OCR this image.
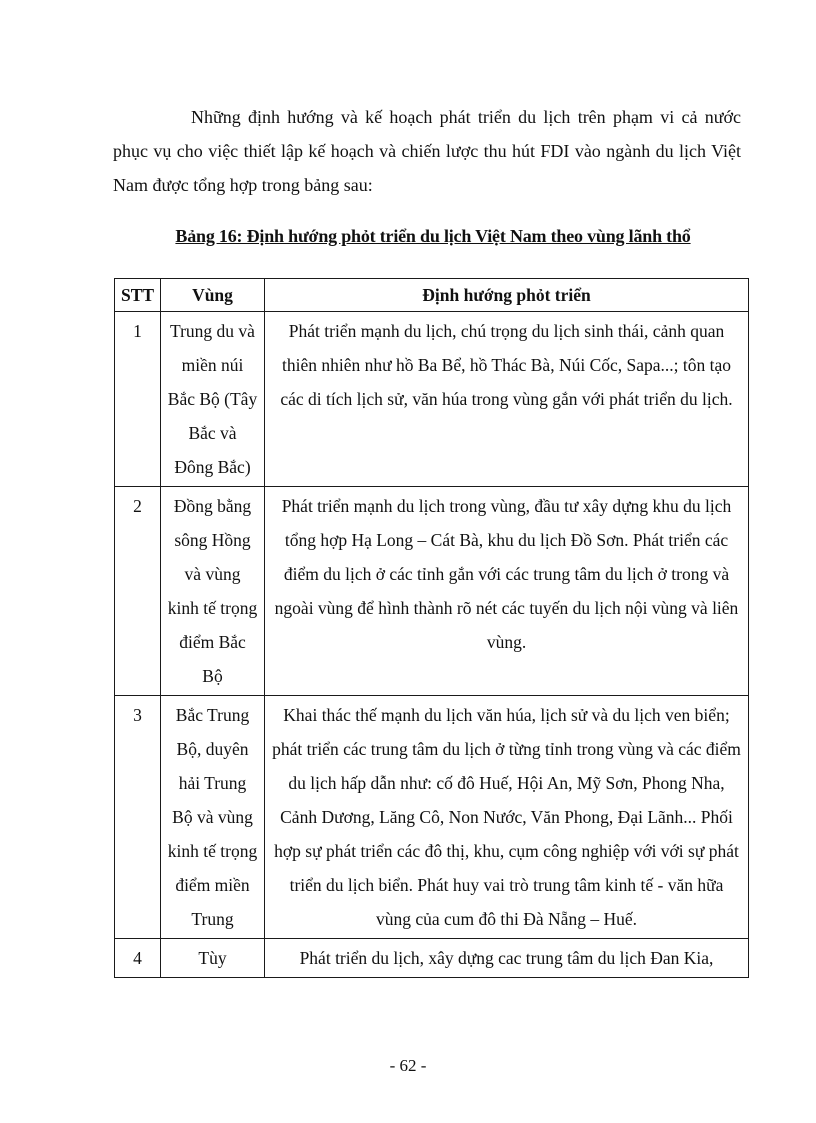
Những định hướng và kế hoạch phát triển du lịch trên phạm vi cả nước phục vụ cho việc thiết lập kế hoạch và chiến lược thu hút FDI vào ngành du lịch Việt Nam được tổng hợp trong bảng sau:

Bảng 16: Định hướng phỏt triển du lịch Việt Nam theo vùng lãnh thổ

STT	Vùng	Định hướng phỏt triển
1	Trung du và miền núi Bắc Bộ (Tây Bắc và Đông Bắc)	Phát triển mạnh du lịch, chú trọng du lịch sinh thái, cảnh quan thiên nhiên như hồ Ba Bể, hồ Thác Bà, Núi Cốc, Sapa...; tôn tạo các di tích lịch sử, văn húa trong vùng gắn với phát triển du lịch.
2	Đồng bằng sông Hồng và vùng kinh tế trọng điểm Bắc Bộ	Phát triển mạnh du lịch trong vùng, đầu tư xây dựng khu du lịch tổng hợp Hạ Long – Cát Bà, khu du lịch Đồ Sơn. Phát triển các điểm du lịch ở các tỉnh gắn với các trung tâm du lịch ở trong và ngoài vùng để hình thành rõ nét các tuyến du lịch nội vùng và liên vùng.
3	Bắc Trung Bộ, duyên hải Trung Bộ và vùng kinh tế trọng điểm miền Trung	Khai thác thế mạnh du lịch văn húa, lịch sử và du lịch ven biển; phát triển các trung tâm du lịch ở từng tỉnh trong vùng và các điểm du lịch hấp dẫn như: cố đô Huế, Hội An, Mỹ Sơn, Phong Nha, Cảnh Dương, Lăng Cô, Non Nước, Văn Phong, Đại Lãnh... Phối hợp sự phát triển các đô thị, khu, cụm công nghiệp với với sự phát triển du lịch biển. Phát huy vai trò trung tâm kinh tế - văn hữa vùng của cum đô thi Đà Nẵng – Huế.
4	Tùy	Phát triển du lịch, xây dựng cac trung tâm du lịch Đan Kia,

- 62 -
